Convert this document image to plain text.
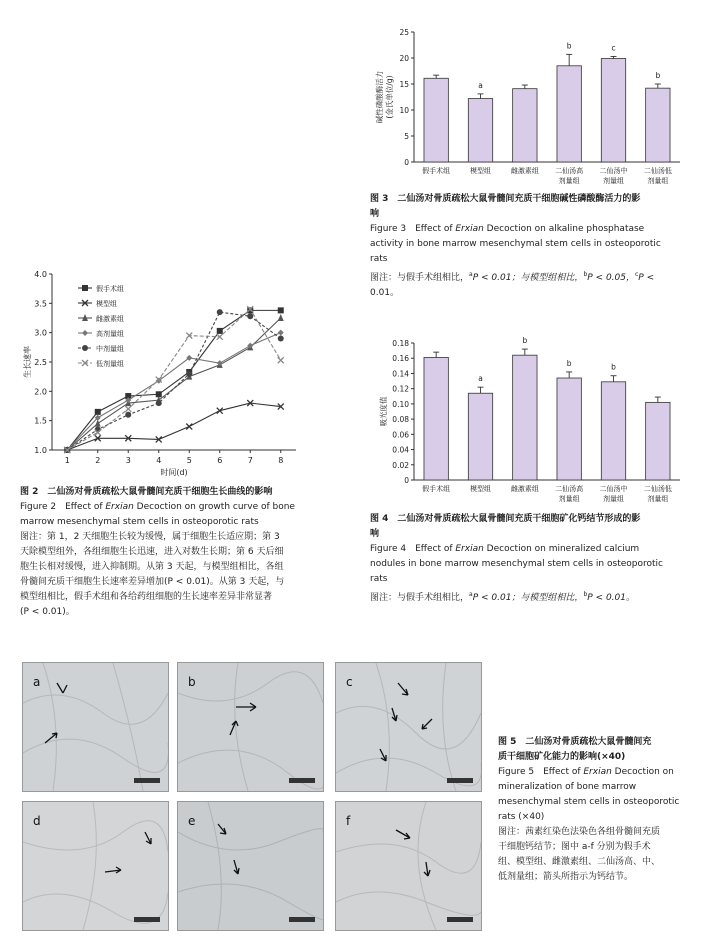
1.0
1.5
2.0
2.5
3.0
3.5
4.0
1	2	3	4	5	6	7	8
时间(d)
生长速率
假手术组
模型组
雌激素组
高剂量组
中剂量组
低剂量组
图 2　二仙汤对骨质疏松大鼠骨髓间充质干细胞生长曲线的影响
Figure 2　Effect of Erxian Decoction on growth curve of bone
marrow mesenchymal stem cells in osteoporotic rats
图注：第 1，2 天细胞生长较为缓慢，属于细胞生长适应期；第 3
天除模型组外，各组细胞生长迅速，进入对数生长期；第 6 天后细
胞生长相对缓慢，进入抑制期。从第 3 天起，与模型组相比，各组
骨髓间充质干细胞生长速率差异增加(P < 0.01)。从第 3 天起，与
模型组相比，假手术组和各给药组细胞的生长速率差异非常显著
(P < 0.01)。
0
5
10
15
20
25
假手术组
a
模型组	雌激素组
b
二仙汤高
剂量组
c
二仙汤中
剂量组
b
二仙汤低
剂量组
碱性磷酸酶活力 (金氏单位/g)
图 3　二仙汤对骨质疏松大鼠骨髓间充质干细胞碱性磷酸酶活力的影
响
Figure 3　Effect of Erxian Decoction on alkaline phosphatase
activity in bone marrow mesenchymal stem cells in osteoporotic
rats
图注：与假手术组相比，$^a$P < 0.01；与模型组相比，$^b$P < 0.05，$^c$P <
0.01。
0
0.02
0.04
0.06
0.08
0.10
0.12
0.14
0.16
0.18
假手术组
a
模型组
b
雌激素组
b
二仙汤高
剂量组
b
二仙汤中
剂量组
二仙汤低
剂量组
吸光度值
图 4　二仙汤对骨质疏松大鼠骨髓间充质干细胞矿化钙结节形成的影
响
Figure 4　Effect of Erxian Decoction on mineralized calcium
nodules in bone marrow mesenchymal stem cells in osteoporotic
rats
图注：与假手术组相比，$^a$P < 0.01；与模型组相比，$^b$P < 0.01。
a	b	c
d	e	f
图 5　二仙汤对骨质疏松大鼠骨髓间充
质干细胞矿化能力的影响(×40)
Figure 5　Effect of Erxian Decoction on
mineralization of bone marrow
mesenchymal stem cells in osteoporotic
rats (×40)
图注：茜素红染色法染色各组骨髓间充质
干细胞钙结节；图中 a-f 分别为假手术
组、模型组、雌激素组、二仙汤高、中、
低剂量组；箭头所指示为钙结节。
